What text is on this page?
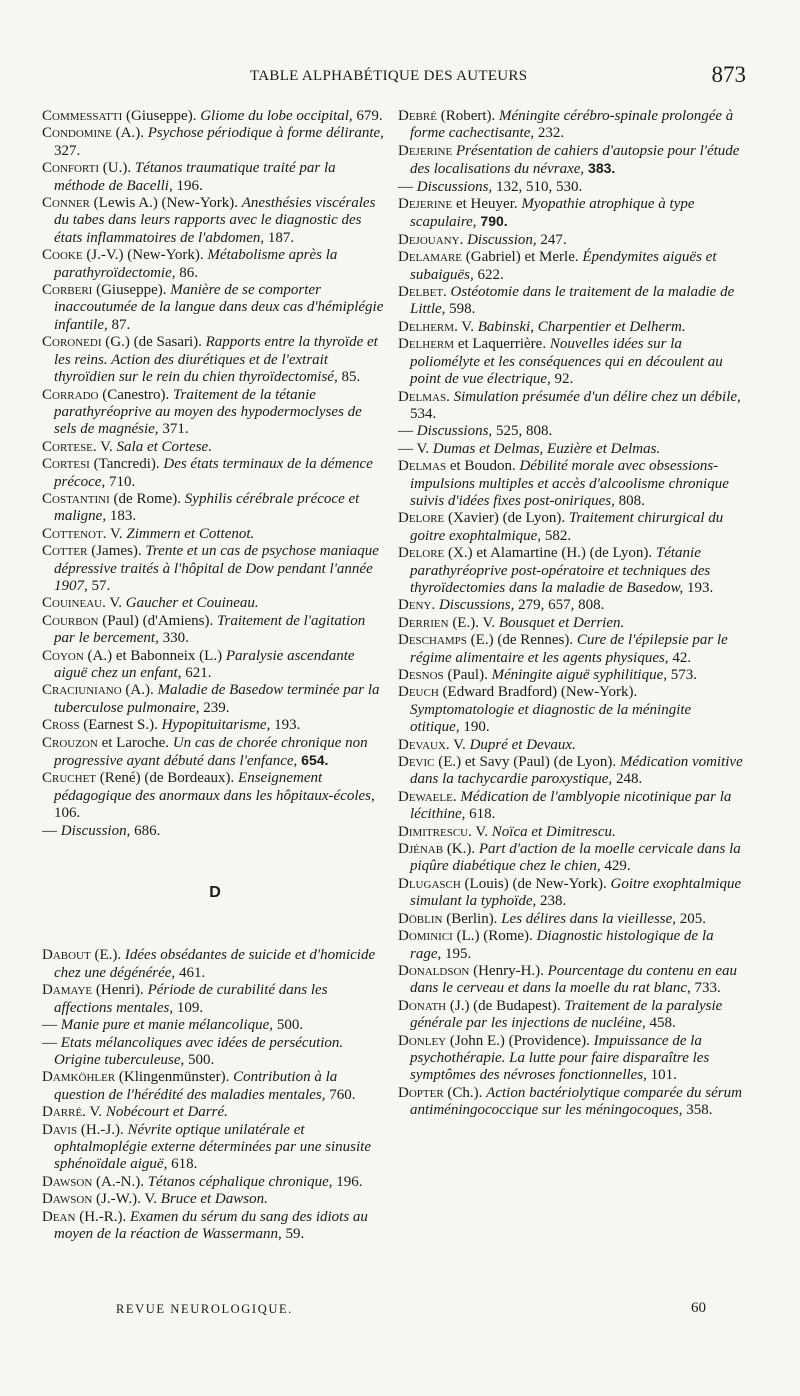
TABLE ALPHABÉTIQUE DES AUTEURS	873

Commessatti (Giuseppe). Gliome du lobe occipital, 679.

Condomine (A.). Psychose périodique à forme délirante, 327.

Conforti (U.). Tétanos traumatique traité par la méthode de Bacelli, 196.

Conner (Lewis A.) (New-York). Anesthésies viscérales du tabes dans leurs rapports avec le diagnostic des états inflammatoires de l'abdomen, 187.

Cooke (J.-V.) (New-York). Métabolisme après la parathyroïdectomie, 86.

Corberi (Giuseppe). Manière de se comporter inaccoutumée de la langue dans deux cas d'hémiplégie infantile, 87.

Coronedi (G.) (de Sasari). Rapports entre la thyroïde et les reins. Action des diurétiques et de l'extrait thyroïdien sur le rein du chien thyroïdectomisé, 85.

Corrado (Canestro). Traitement de la tétanie parathyréoprive au moyen des hypodermoclyses de sels de magnésie, 371.

Cortese. V. Sala et Cortese.

Cortesi (Tancredi). Des états terminaux de la démence précoce, 710.

Costantini (de Rome). Syphilis cérébrale précoce et maligne, 183.

Cottenot. V. Zimmern et Cottenot.

Cotter (James). Trente et un cas de psychose maniaque dépressive traités à l'hôpital de Dow pendant l'année 1907, 57.

Couineau. V. Gaucher et Couineau.

Courbon (Paul) (d'Amiens). Traitement de l'agitation par le bercement, 330.

Coyon (A.) et Babonneix (L.) Paralysie ascendante aiguë chez un enfant, 621.

Craciuniano (A.). Maladie de Basedow terminée par la tuberculose pulmonaire, 239.

Cross (Earnest S.). Hypopituitarisme, 193.

Crouzon et Laroche. Un cas de chorée chronique non progressive ayant débuté dans l'enfance, 654.

Cruchet (René) (de Bordeaux). Enseignement pédagogique des anormaux dans les hôpitaux-écoles, 106.

— Discussion, 686.

D

Dabout (E.). Idées obsédantes de suicide et d'homicide chez une dégénérée, 461.

Damaye (Henri). Période de curabilité dans les affections mentales, 109.

— Manie pure et manie mélancolique, 500.

— Etats mélancoliques avec idées de persécution. Origine tuberculeuse, 500.

Damköhler (Klingenmünster). Contribution à la question de l'hérédité des maladies mentales, 760.

Darré. V. Nobécourt et Darré.

Davis (H.-J.). Névrite optique unilatérale et ophtalmoplégie externe déterminées par une sinusite sphénoïdale aiguë, 618.

Dawson (A.-N.). Tétanos céphalique chronique, 196.

Dawson (J.-W.). V. Bruce et Dawson.

Dean (H.-R.). Examen du sérum du sang des idiots au moyen de la réaction de Wassermann, 59.

Debré (Robert). Méningite cérébro-spinale prolongée à forme cachectisante, 232.

Dejerine Présentation de cahiers d'autopsie pour l'étude des localisations du névraxe, 383.

— Discussions, 132, 510, 530.

Dejerine et Heuyer. Myopathie atrophique à type scapulaire, 790.

Dejouany. Discussion, 247.

Delamare (Gabriel) et Merle. Épendymites aiguës et subaiguës, 622.

Delbet. Ostéotomie dans le traitement de la maladie de Little, 598.

Delherm. V. Babinski, Charpentier et Delherm.

Delherm et Laquerrière. Nouvelles idées sur la poliomélyte et les conséquences qui en découlent au point de vue électrique, 92.

Delmas. Simulation présumée d'un délire chez un débile, 534.

— Discussions, 525, 808.

— V. Dumas et Delmas, Euzière et Delmas.

Delmas et Boudon. Débilité morale avec obsessions-impulsions multiples et accès d'alcoolisme chronique suivis d'idées fixes post-oniriques, 808.

Delore (Xavier) (de Lyon). Traitement chirurgical du goitre exophtalmique, 582.

Delore (X.) et Alamartine (H.) (de Lyon). Tétanie parathyréoprive post-opératoire et techniques des thyroïdectomies dans la maladie de Basedow, 193.

Deny. Discussions, 279, 657, 808.

Derrien (E.). V. Bousquet et Derrien.

Deschamps (E.) (de Rennes). Cure de l'épilepsie par le régime alimentaire et les agents physiques, 42.

Desnos (Paul). Méningite aiguë syphilitique, 573.

Deuch (Edward Bradford) (New-York). Symptomatologie et diagnostic de la méningite otitique, 190.

Devaux. V. Dupré et Devaux.

Devic (E.) et Savy (Paul) (de Lyon). Médication vomitive dans la tachycardie paroxystique, 248.

Dewaele. Médication de l'amblyopie nicotinique par la lécithine, 618.

Dimitrescu. V. Noïca et Dimitrescu.

Djénab (K.). Part d'action de la moelle cervicale dans la piqûre diabétique chez le chien, 429.

Dlugasch (Louis) (de New-York). Goitre exophtalmique simulant la typhoïde, 238.

Döblin (Berlin). Les délires dans la vieillesse, 205.

Dominici (L.) (Rome). Diagnostic histologique de la rage, 195.

Donaldson (Henry-H.). Pourcentage du contenu en eau dans le cerveau et dans la moelle du rat blanc, 733.

Donath (J.) (de Budapest). Traitement de la paralysie générale par les injections de nucléine, 458.

Donley (John E.) (Providence). Impuissance de la psychothérapie. La lutte pour faire disparaître les symptômes des névroses fonctionnelles, 101.

Dopter (Ch.). Action bactériolytique comparée du sérum antiméningococcique sur les méningocoques, 358.

REVUE NEUROLOGIQUE.	60
